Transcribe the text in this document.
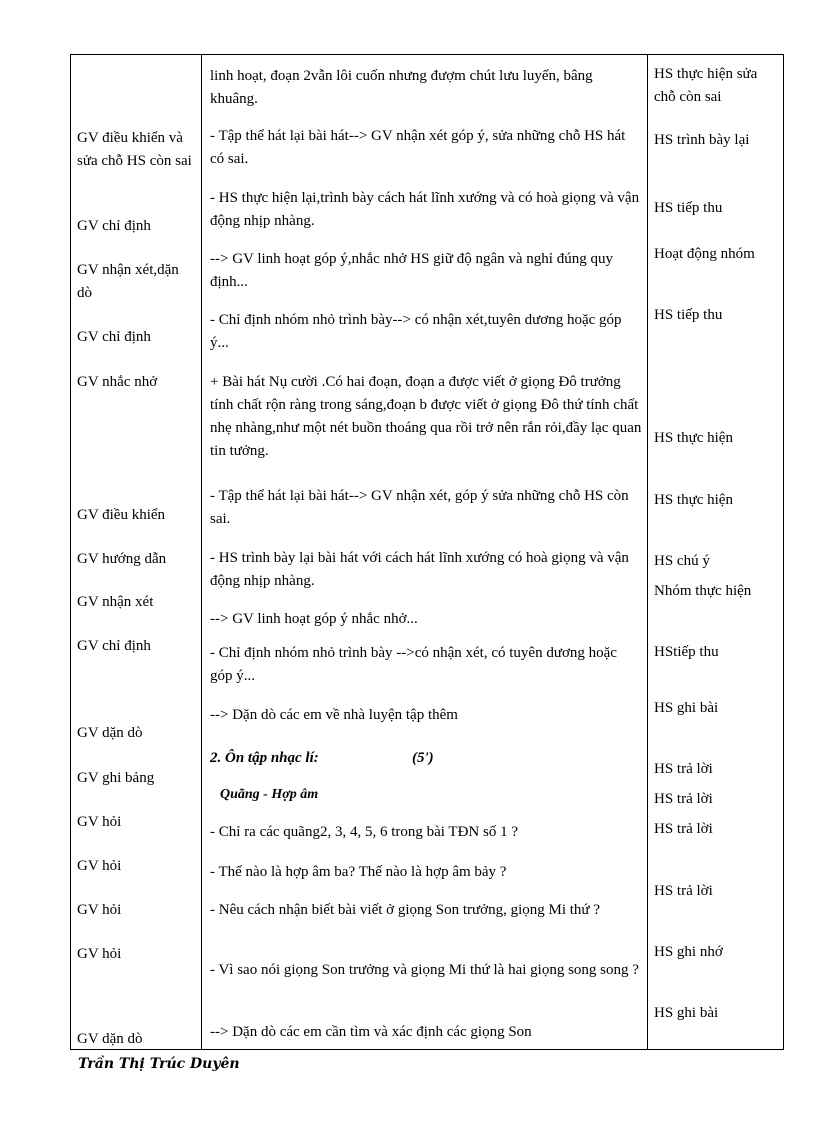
GV điều khiển và sửa chỗ HS còn sai
GV chỉ định
GV nhận xét,dặn dò
GV chỉ định
GV nhắc nhở
GV điều khiển
GV hướng dẫn
GV nhận xét
GV chỉ định
GV dặn dò
GV ghi bảng
GV hỏi
GV hỏi
GV hỏi
GV hỏi
GV dặn dò
linh hoạt, đoạn 2vẫn lôi cuốn nhưng đượm chút lưu luyến, bâng khuâng.
- Tập thể hát lại bài hát--> GV nhận xét góp ý, sửa những chỗ HS hát có sai.
- HS thực hiện lại,trình bày cách hát lĩnh xướng và có hoà giọng và vận động nhịp nhàng.
--> GV linh hoạt góp ý,nhắc nhở HS giữ độ ngân và nghỉ đúng quy định...
- Chỉ định nhóm nhỏ trình bày--> có nhận xét,tuyên dương hoặc góp ý...
+ Bài hát Nụ cười .Có hai đoạn, đoạn a được viết ở giọng Đô trưởng tính chất rộn ràng trong sáng,đoạn b được viết ở giọng Đô thứ tính chất nhẹ nhàng,như một nét buồn thoáng qua rồi trở nên rắn rỏi,đầy lạc quan tin tưởng.
- Tập thể hát lại bài hát--> GV nhận xét, góp ý sửa những chỗ HS còn sai.
- HS trình bày lại bài hát với cách hát lĩnh xướng có hoà giọng và vận động nhịp nhàng.
--> GV linh hoạt góp ý nhắc nhở...
- Chỉ định nhóm nhỏ trình bày -->có nhận xét, có tuyên dương hoặc góp ý...
--> Dặn dò các em về nhà luyện tập thêm
2. Ôn tập nhạc lí:	(5')
Quãng - Hợp âm
- Chỉ ra các quãng2, 3, 4, 5, 6 trong bài TĐN số 1 ?
- Thế nào là hợp âm ba? Thế nào là hợp âm bảy ?
- Nêu cách nhận biết bài viết ở giọng Son trưởng, giọng Mi thứ ?
- Vì sao nói giọng Son trưởng và giọng Mi thứ là hai giọng song song ?
--> Dặn dò các em cần tìm và xác định các giọng Son
HS thực hiện sửa chỗ còn sai
HS trình bày lại
HS tiếp thu
Hoạt động nhóm
HS tiếp thu
HS thực hiện
HS thực hiện
HS chú ý
Nhóm thực hiện
HStiếp thu
HS ghi bài
HS trả lời
HS trả lời
HS trả lời
HS trả lời
HS ghi nhớ
HS ghi bài
Trần Thị Trúc Duyên
